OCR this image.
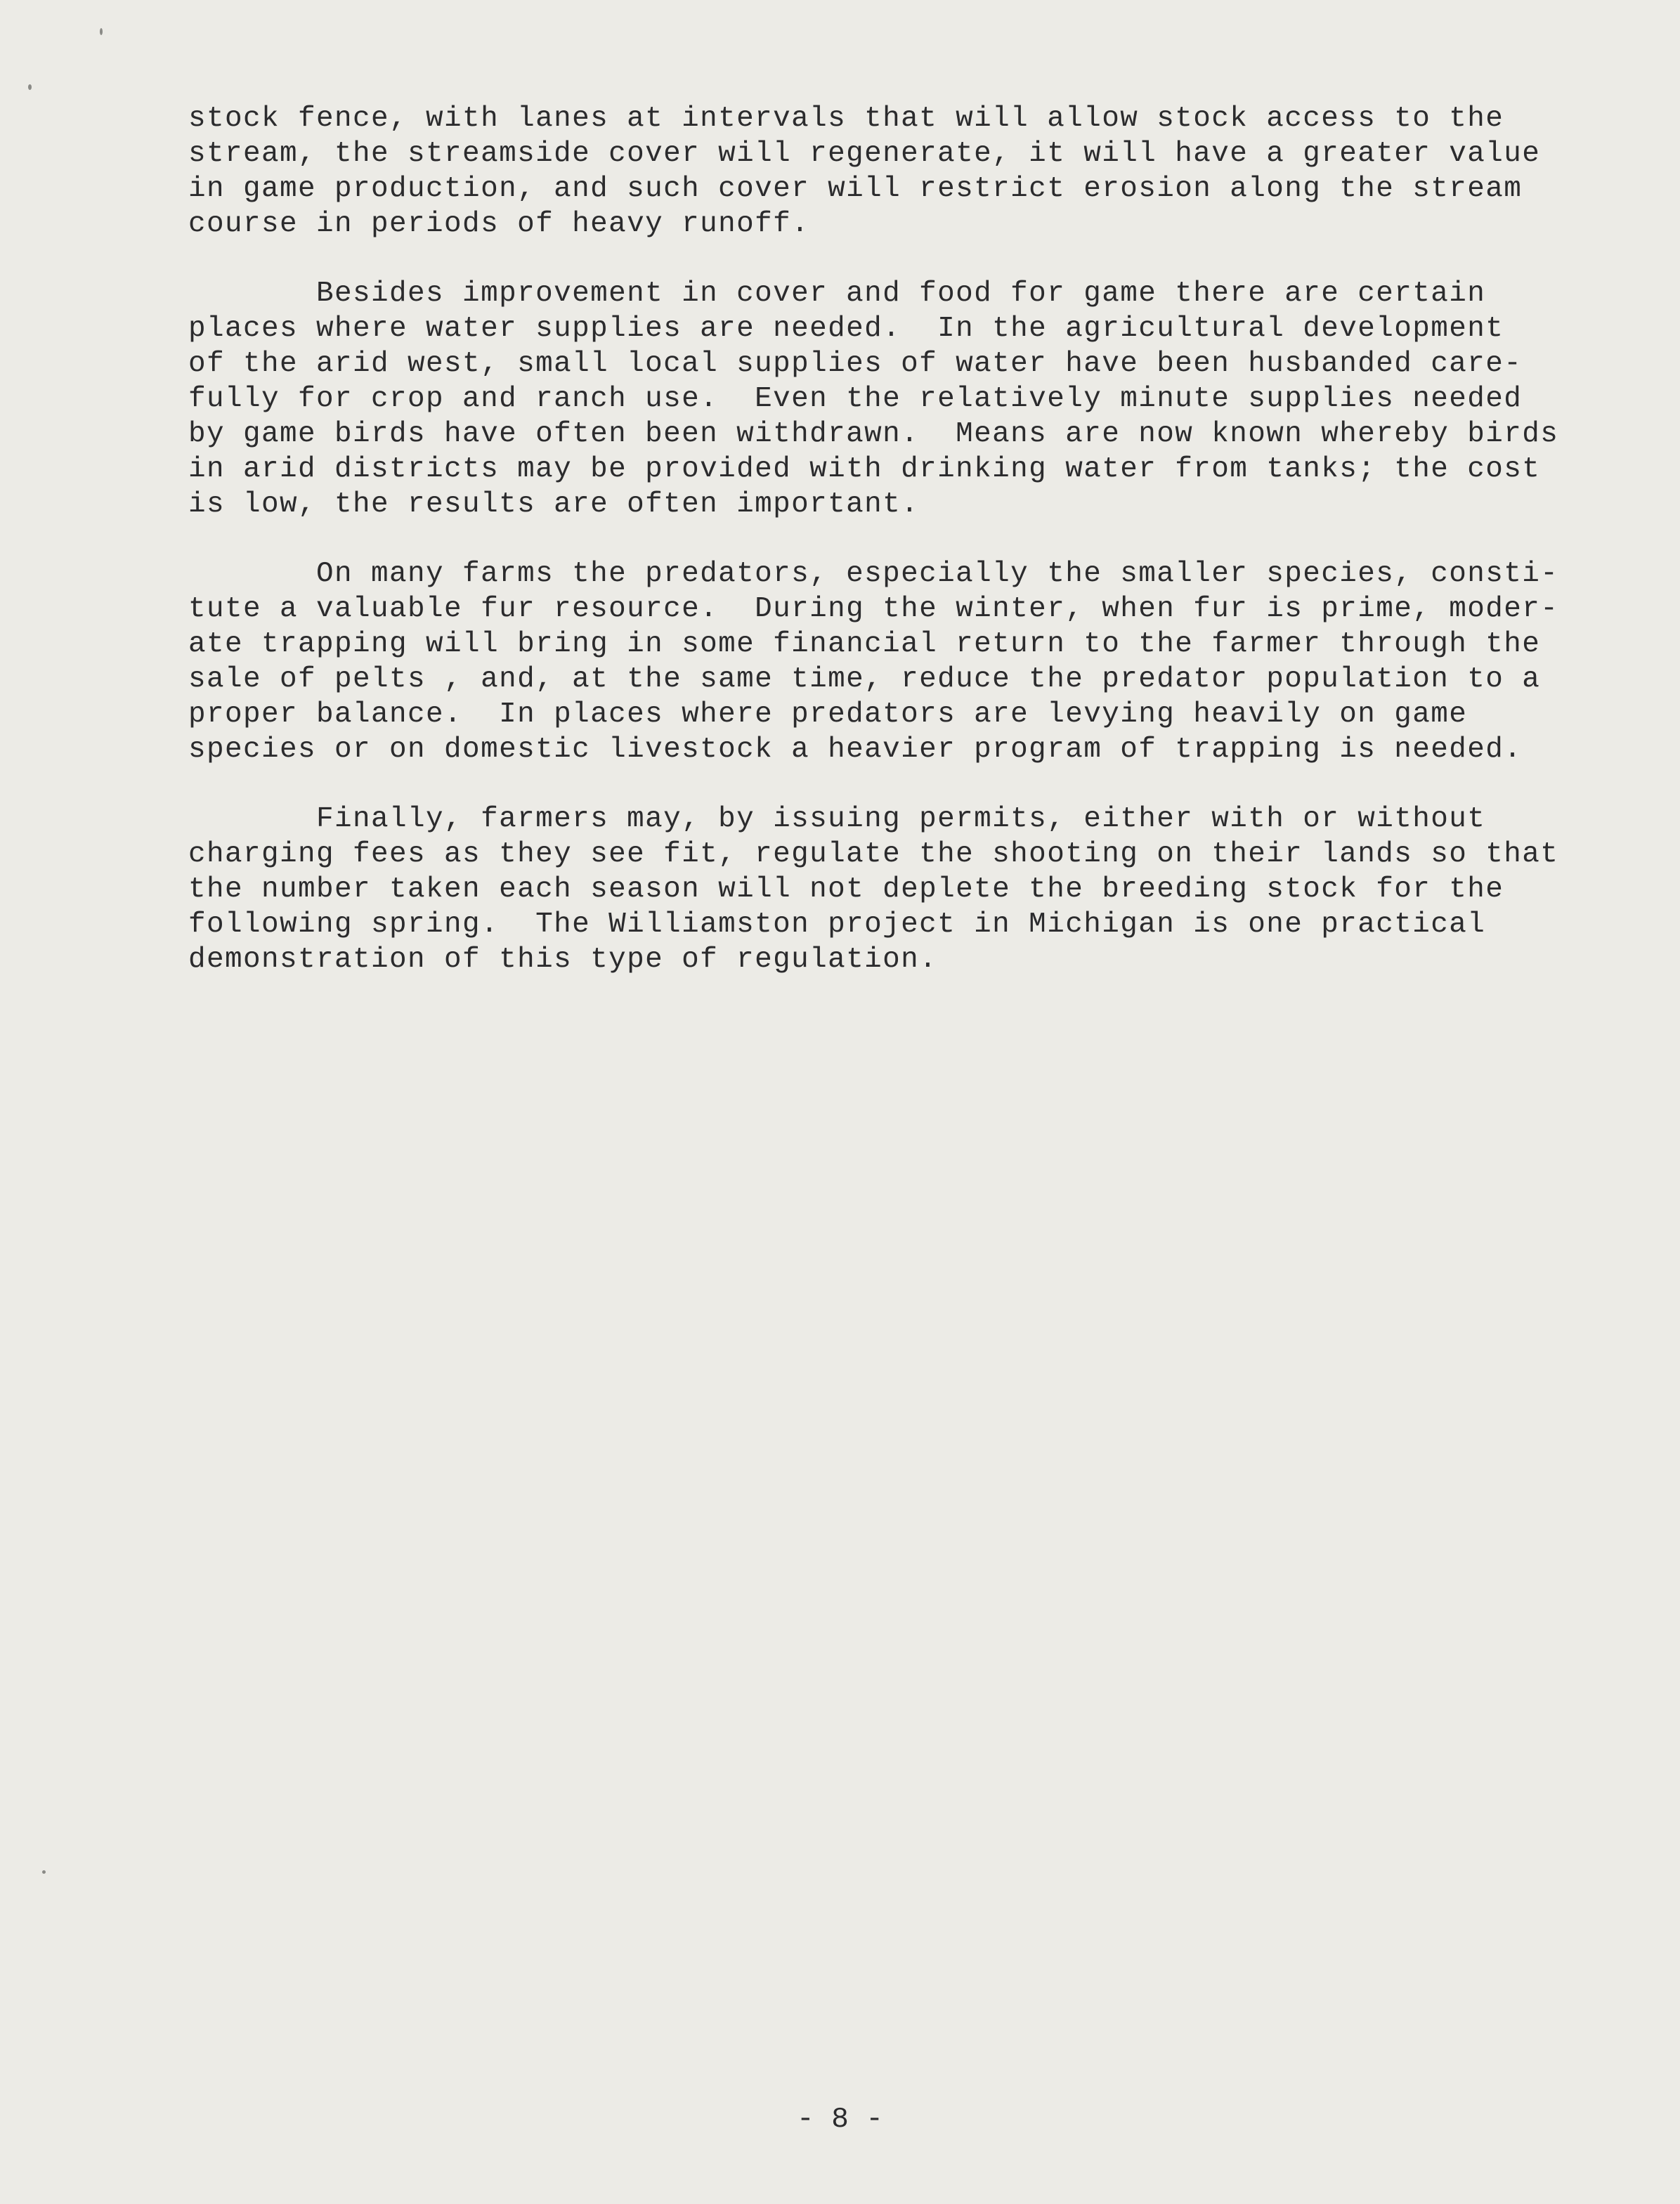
stock fence, with lanes at intervals that will allow stock access to the
stream, the streamside cover will regenerate, it will have a greater value
in game production, and such cover will restrict erosion along the stream
course in periods of heavy runoff.
Besides improvement in cover and food for game there are certain
places where water supplies are needed.  In the agricultural development
of the arid west, small local supplies of water have been husbanded care-
fully for crop and ranch use.  Even the relatively minute supplies needed
by game birds have often been withdrawn.  Means are now known whereby birds
in arid districts may be provided with drinking water from tanks; the cost
is low, the results are often important.
On many farms the predators, especially the smaller species, consti-
tute a valuable fur resource.  During the winter, when fur is prime, moder-
ate trapping will bring in some financial return to the farmer through the
sale of pelts , and, at the same time, reduce the predator population to a
proper balance.  In places where predators are levying heavily on game
species or on domestic livestock a heavier program of trapping is needed.
Finally, farmers may, by issuing permits, either with or without
charging fees as they see fit, regulate the shooting on their lands so that
the number taken each season will not deplete the breeding stock for the
following spring.  The Williamston project in Michigan is one practical
demonstration of this type of regulation.
- 8 -
